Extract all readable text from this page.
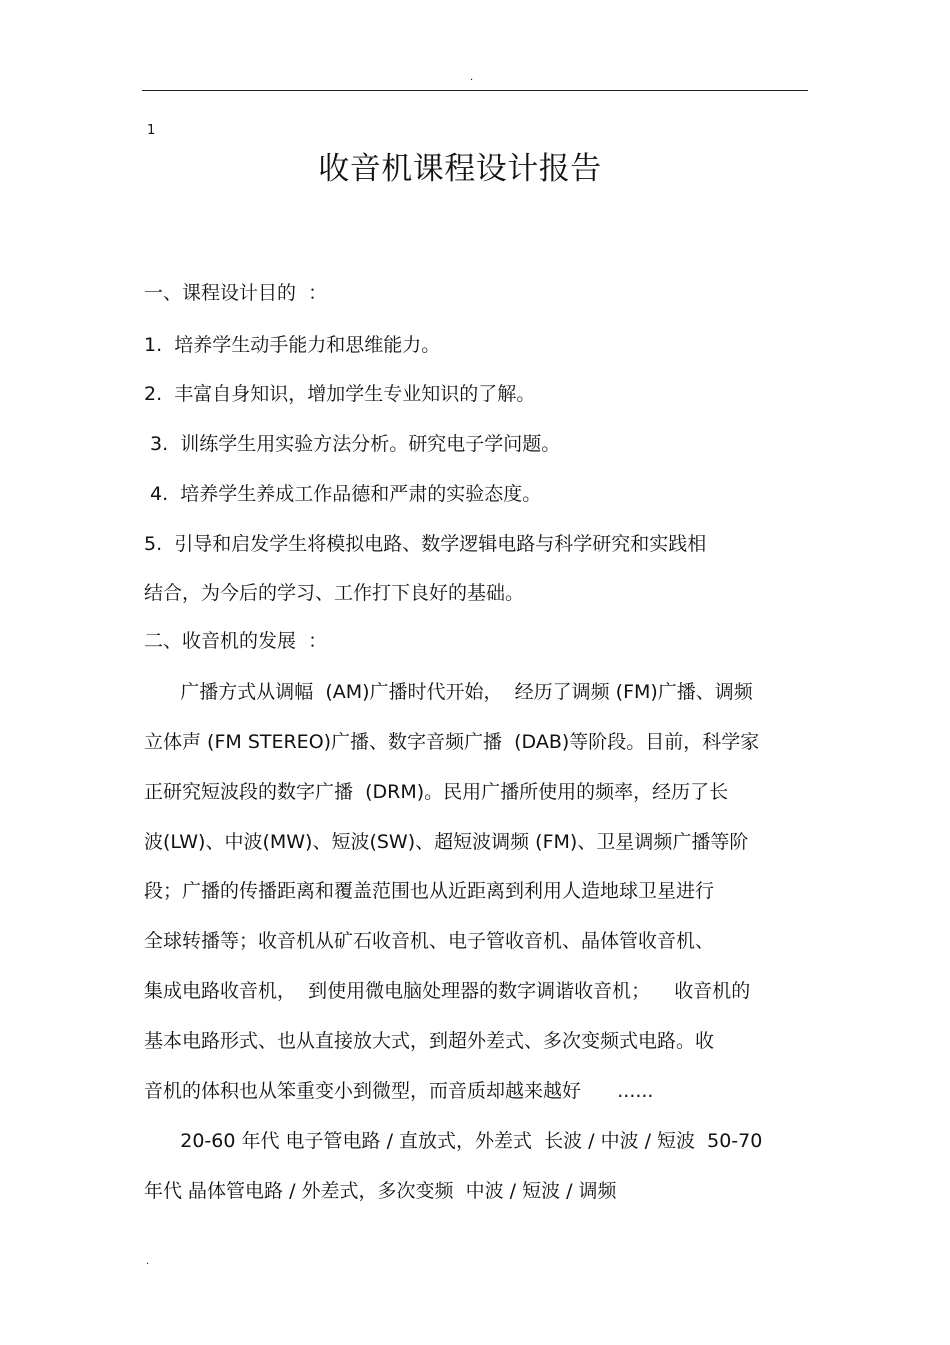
.
1
收音机课程设计报告
一、课程设计目的  ：
1.  培养学生动手能力和思维能力。
2.  丰富自身知识，增加学生专业知识的了解。
3.  训练学生用实验方法分析。研究电子学问题。
4.  培养学生养成工作品德和严肃的实验态度。
5.  引导和启发学生将模拟电路、数学逻辑电路与科学研究和实践相
结合，为今后的学习、工作打下良好的基础。
二、收音机的发展  ：
广播方式从调幅  (AM)广播时代开始，  经历了调频 (FM)广播、调频
立体声 (FM STEREO)广播、数字音频广播  (DAB)等阶段。目前，科学家
正研究短波段的数字广播  (DRM)。民用广播所使用的频率，经历了长
波(LW)、中波(MW)、短波(SW)、超短波调频 (FM)、卫星调频广播等阶
段；广播的传播距离和覆盖范围也从近距离到利用人造地球卫星进行
全球转播等；收音机从矿石收音机、电子管收音机、晶体管收音机、
集成电路收音机，  到使用微电脑处理器的数字调谐收音机；    收音机的
基本电路形式、也从直接放大式，到超外差式、多次变频式电路。收
音机的体积也从笨重变小到微型，而音质却越来越好      ......
20-60 年代 电子管电路 / 直放式，外差式  长波 / 中波 / 短波  50-70
年代 晶体管电路 / 外差式，多次变频  中波 / 短波 / 调频
.
